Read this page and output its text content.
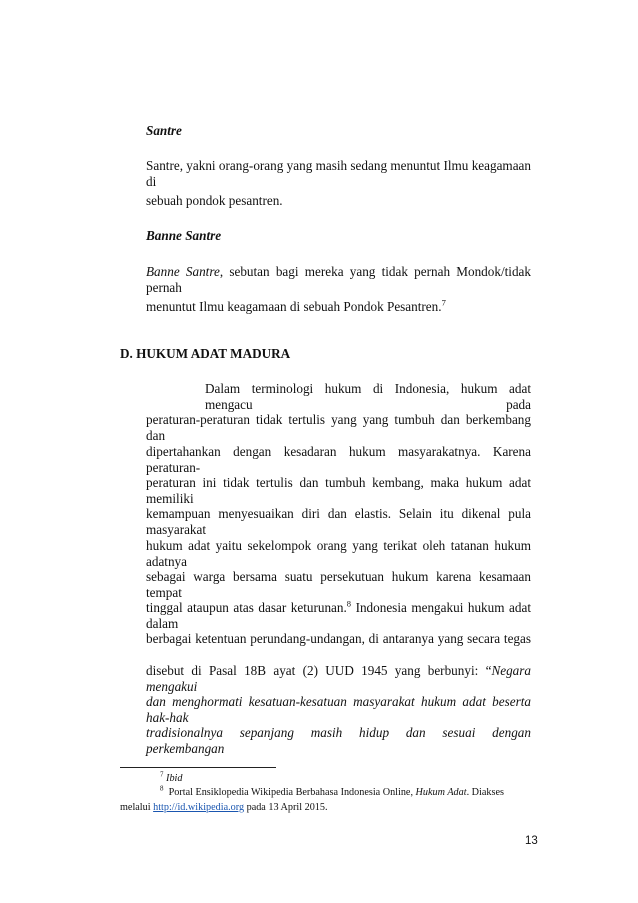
Santre
Santre, yakni orang-orang yang masih sedang menuntut Ilmu keagamaan di
sebuah pondok pesantren.
Banne Santre
Banne Santre, sebutan bagi mereka yang tidak pernah Mondok/tidak pernah
menuntut Ilmu keagamaan di sebuah Pondok Pesantren.$^7$
D. HUKUM ADAT MADURA
Dalam terminologi hukum di Indonesia, hukum adat mengacu pada
peraturan-peraturan tidak tertulis yang yang tumbuh dan berkembang dan
dipertahankan dengan kesadaran hukum masyarakatnya. Karena peraturan-
peraturan ini tidak tertulis dan tumbuh kembang, maka hukum adat memiliki
kemampuan menyesuaikan diri dan elastis. Selain itu dikenal pula masyarakat
hukum adat yaitu sekelompok orang yang terikat oleh tatanan hukum adatnya
sebagai warga bersama suatu persekutuan hukum karena kesamaan tempat
tinggal ataupun atas dasar keturunan.$^8$ Indonesia mengakui hukum adat dalam
berbagai ketentuan perundang-undangan, di antaranya yang secara tegas
disebut di Pasal 18B ayat (2) UUD 1945 yang berbunyi: “Negara mengakui
dan menghormati kesatuan-kesatuan masyarakat hukum adat beserta hak-hak
$^7$ Ibid
$^8$ Portal Ensiklopedia Wikipedia Berbahasa Indonesia Online, Hukum Adat. Diakses
melalui http://id.wikipedia.org pada 13 April 2015.
13
tradisionalnya sepanjang masih hidup dan sesuai dengan perkembangan
